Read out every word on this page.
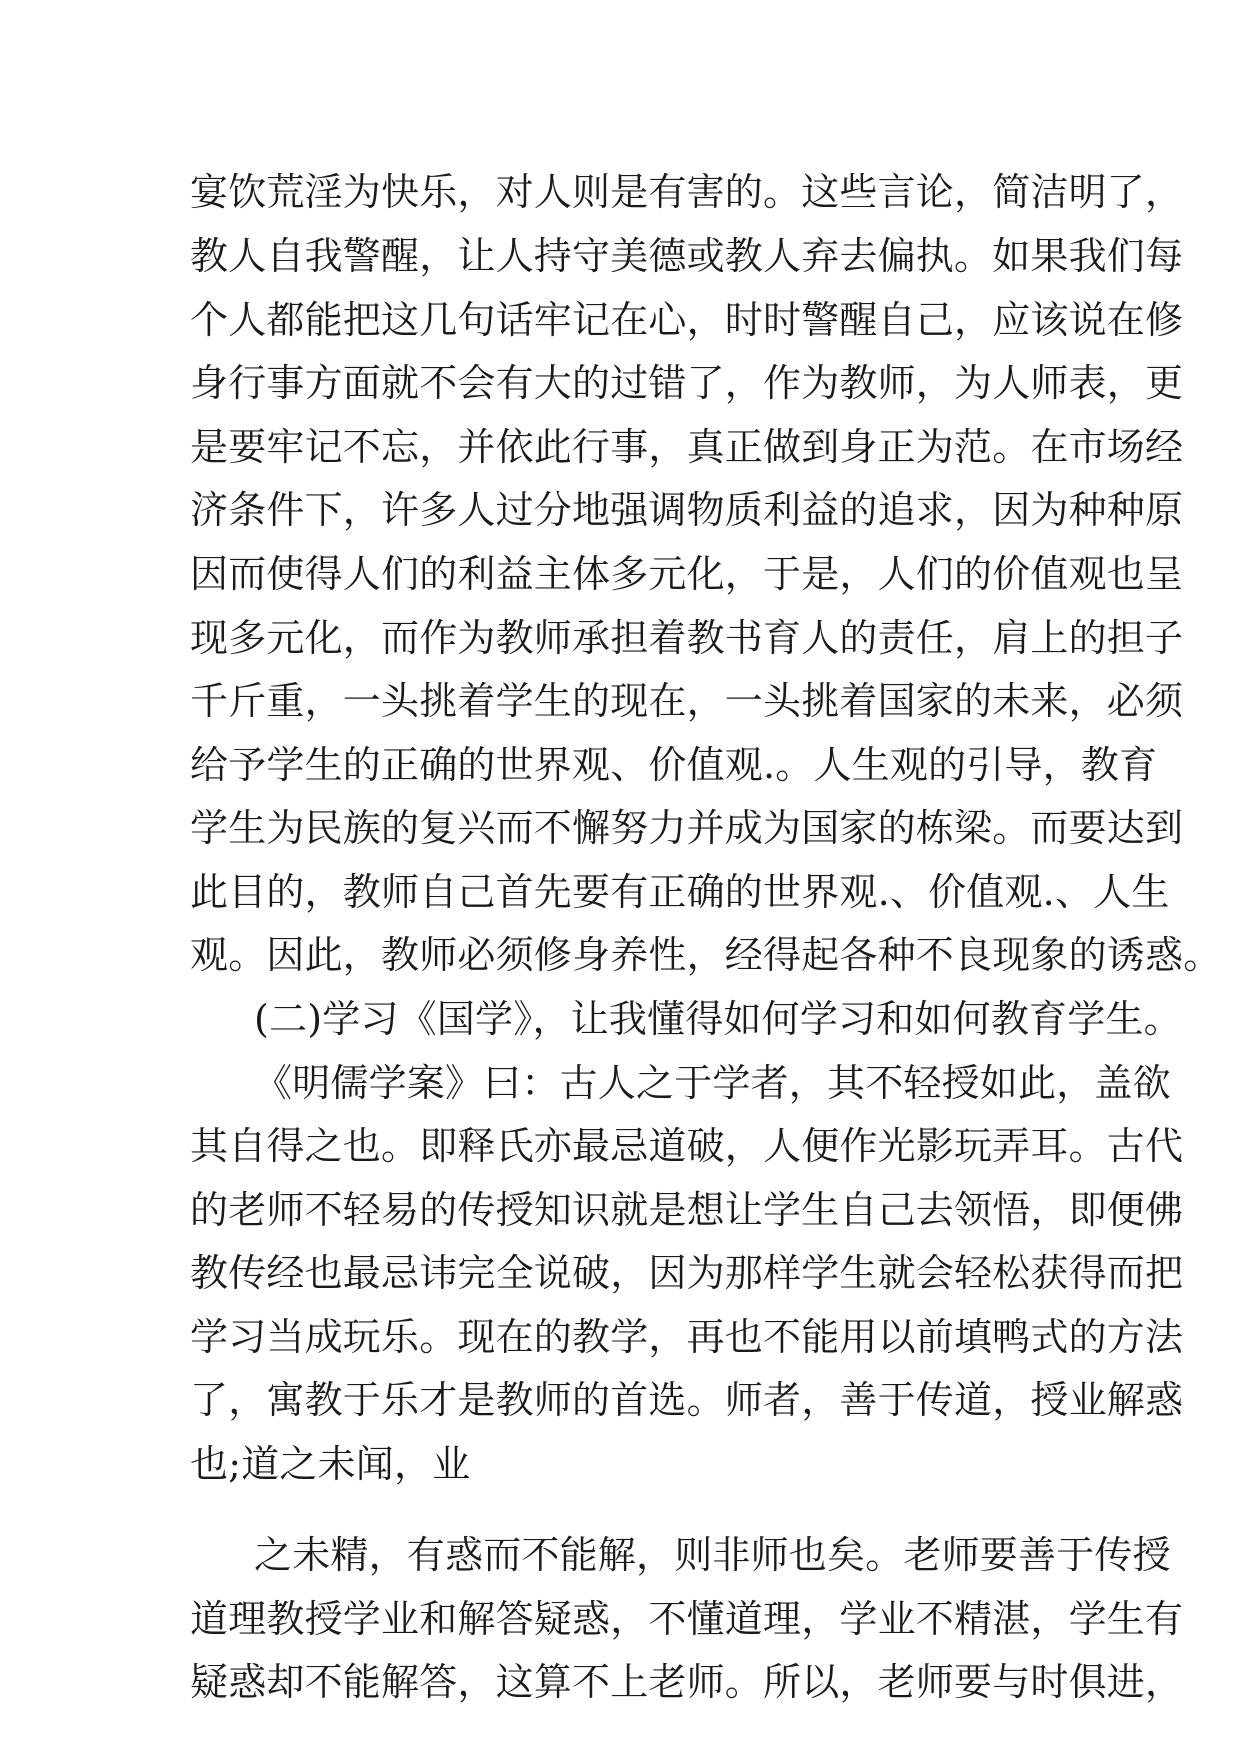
宴饮荒淫为快乐，对人则是有害的。这些言论，简洁明了，
教人自我警醒，让人持守美德或教人弃去偏执。如果我们每
个人都能把这几句话牢记在心，时时警醒自己，应该说在修
身行事方面就不会有大的过错了，作为教师，为人师表，更
是要牢记不忘，并依此行事，真正做到身正为范。在市场经
济条件下，许多人过分地强调物质利益的追求，因为种种原
因而使得人们的利益主体多元化，于是，人们的价值观也呈
现多元化，而作为教师承担着教书育人的责任，肩上的担子
千斤重，一头挑着学生的现在，一头挑着国家的未来，必须
给予学生的正确的世界观、价值观.。人生观的引导，教育
学生为民族的复兴而不懈努力并成为国家的栋梁。而要达到
此目的，教师自己首先要有正确的世界观.、价值观.、人生
观。因此，教师必须修身养性，经得起各种不良现象的诱惑。
(二)学习《国学》，让我懂得如何学习和如何教育学生。
《明儒学案》曰：古人之于学者，其不轻授如此，盖欲
其自得之也。即释氏亦最忌道破，人便作光影玩弄耳。古代
的老师不轻易的传授知识就是想让学生自己去领悟，即便佛
教传经也最忌讳完全说破，因为那样学生就会轻松获得而把
学习当成玩乐。现在的教学，再也不能用以前填鸭式的方法
了，寓教于乐才是教师的首选。师者，善于传道，授业解惑
也;道之未闻，业
之未精，有惑而不能解，则非师也矣。老师要善于传授
道理教授学业和解答疑惑，不懂道理，学业不精湛，学生有
疑惑却不能解答，这算不上老师。所以，老师要与时俱进，
